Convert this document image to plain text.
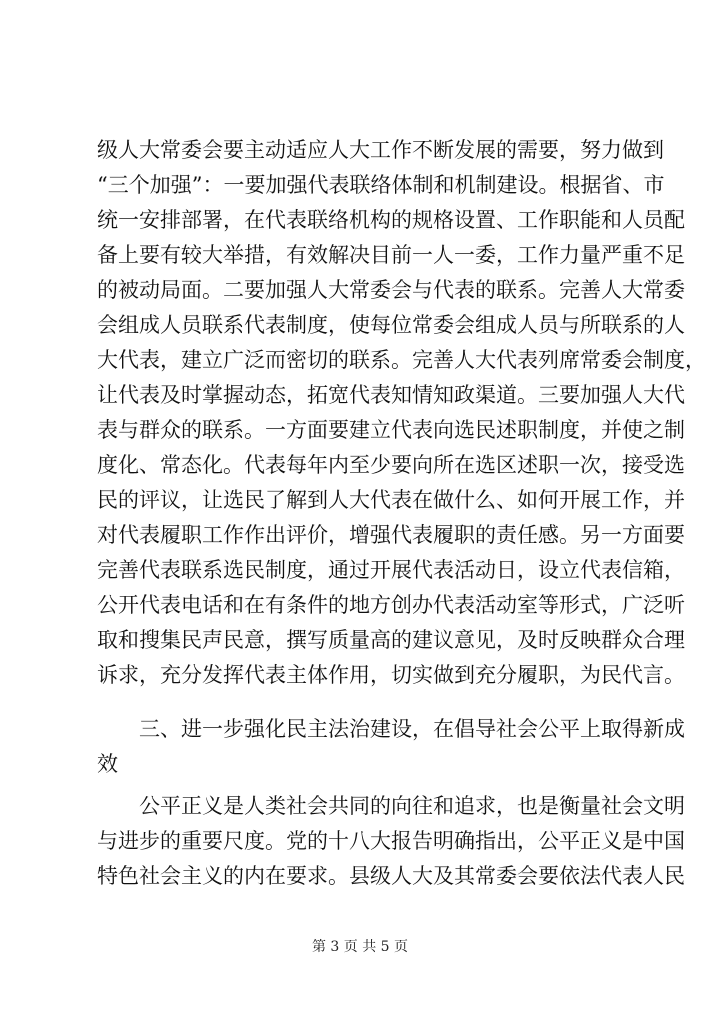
级人大常委会要主动适应人大工作不断发展的需要，努力做到
“三个加强”：一要加强代表联络体制和机制建设。根据省、市
统一安排部署，在代表联络机构的规格设置、工作职能和人员配
备上要有较大举措，有效解决目前一人一委，工作力量严重不足
的被动局面。二要加强人大常委会与代表的联系。完善人大常委
会组成人员联系代表制度，使每位常委会组成人员与所联系的人
大代表，建立广泛而密切的联系。完善人大代表列席常委会制度，
让代表及时掌握动态，拓宽代表知情知政渠道。三要加强人大代
表与群众的联系。一方面要建立代表向选民述职制度，并使之制
度化、常态化。代表每年内至少要向所在选区述职一次，接受选
民的评议，让选民了解到人大代表在做什么、如何开展工作，并
对代表履职工作作出评价，增强代表履职的责任感。另一方面要
完善代表联系选民制度，通过开展代表活动日，设立代表信箱，
公开代表电话和在有条件的地方创办代表活动室等形式，广泛听
取和搜集民声民意，撰写质量高的建议意见，及时反映群众合理
诉求，充分发挥代表主体作用，切实做到充分履职，为民代言。
三、进一步强化民主法治建设，在倡导社会公平上取得新成
效
公平正义是人类社会共同的向往和追求，也是衡量社会文明
与进步的重要尺度。党的十八大报告明确指出，公平正义是中国
特色社会主义的内在要求。县级人大及其常委会要依法代表人民
第 3 页 共 5 页
